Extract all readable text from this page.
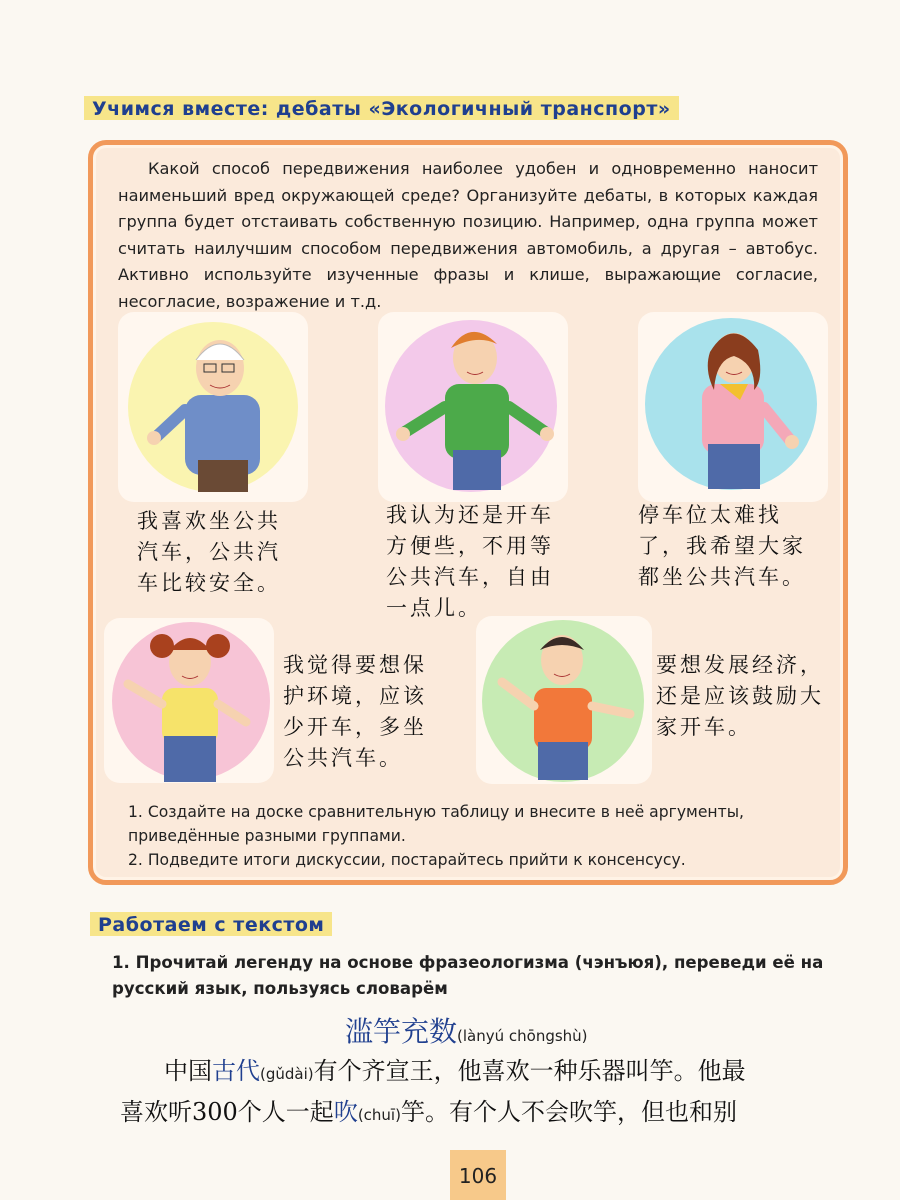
Учимся вместе: дебаты «Экологичный транспорт»
Какой способ передвижения наиболее удобен и одновременно наносит наименьший вред окружающей среде? Организуйте дебаты, в которых каждая группа будет отстаивать собственную позицию. Например, одна группа может считать наилучшим способом передвижения автомобиль, а другая – автобус. Активно используйте изученные фразы и клише, выражающие согласие, несогласие, возражение и т.д.
我喜欢坐公共
汽车，公共汽
车比较安全。
我认为还是开车
方便些，不用等
公共汽车，自由
一点儿。
停车位太难找
了，我希望大家
都坐公共汽车。
我觉得要想保
护环境，应该
少开车，多坐
公共汽车。
要想发展经济，
还是应该鼓励大
家开车。
1. Создайте на доске сравнительную таблицу и внесите в неё аргументы, приведённые разными группами.
2. Подведите итоги дискуссии, постарайтесь прийти к консенсусу.
Работаем с текстом
1. Прочитай легенду на основе фразеологизма (чэнъюя), переведи её на русский язык, пользуясь словарём
滥竽充数(lànyú chōngshù)
中国古代(gǔdài)有个齐宣王，他喜欢一种乐器叫竽。他最
喜欢听300个人一起吹(chuī)竽。有个人不会吹竽，但也和别
106
